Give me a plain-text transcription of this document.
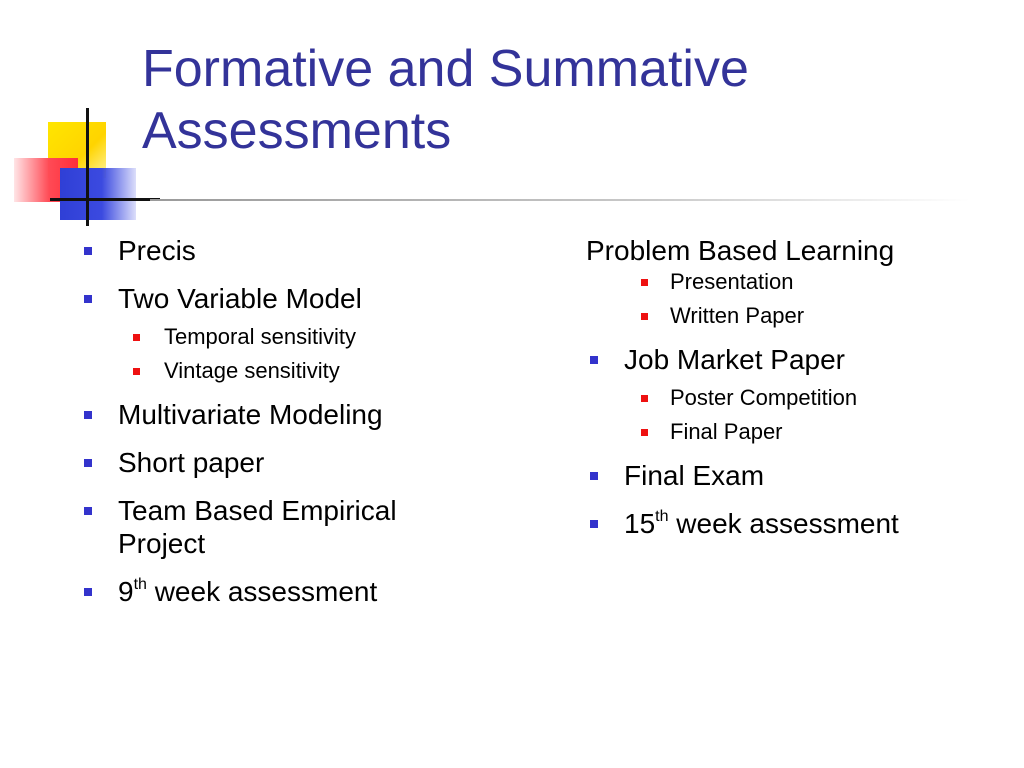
Formative and Summative
Assessments
Precis
Two Variable Model
Temporal sensitivity
Vintage sensitivity
Multivariate Modeling
Short paper
Team Based Empirical
Project
9th week assessment
Problem Based Learning
Presentation
Written Paper
Job Market Paper
Poster Competition
Final Paper
Final Exam
15th week assessment
